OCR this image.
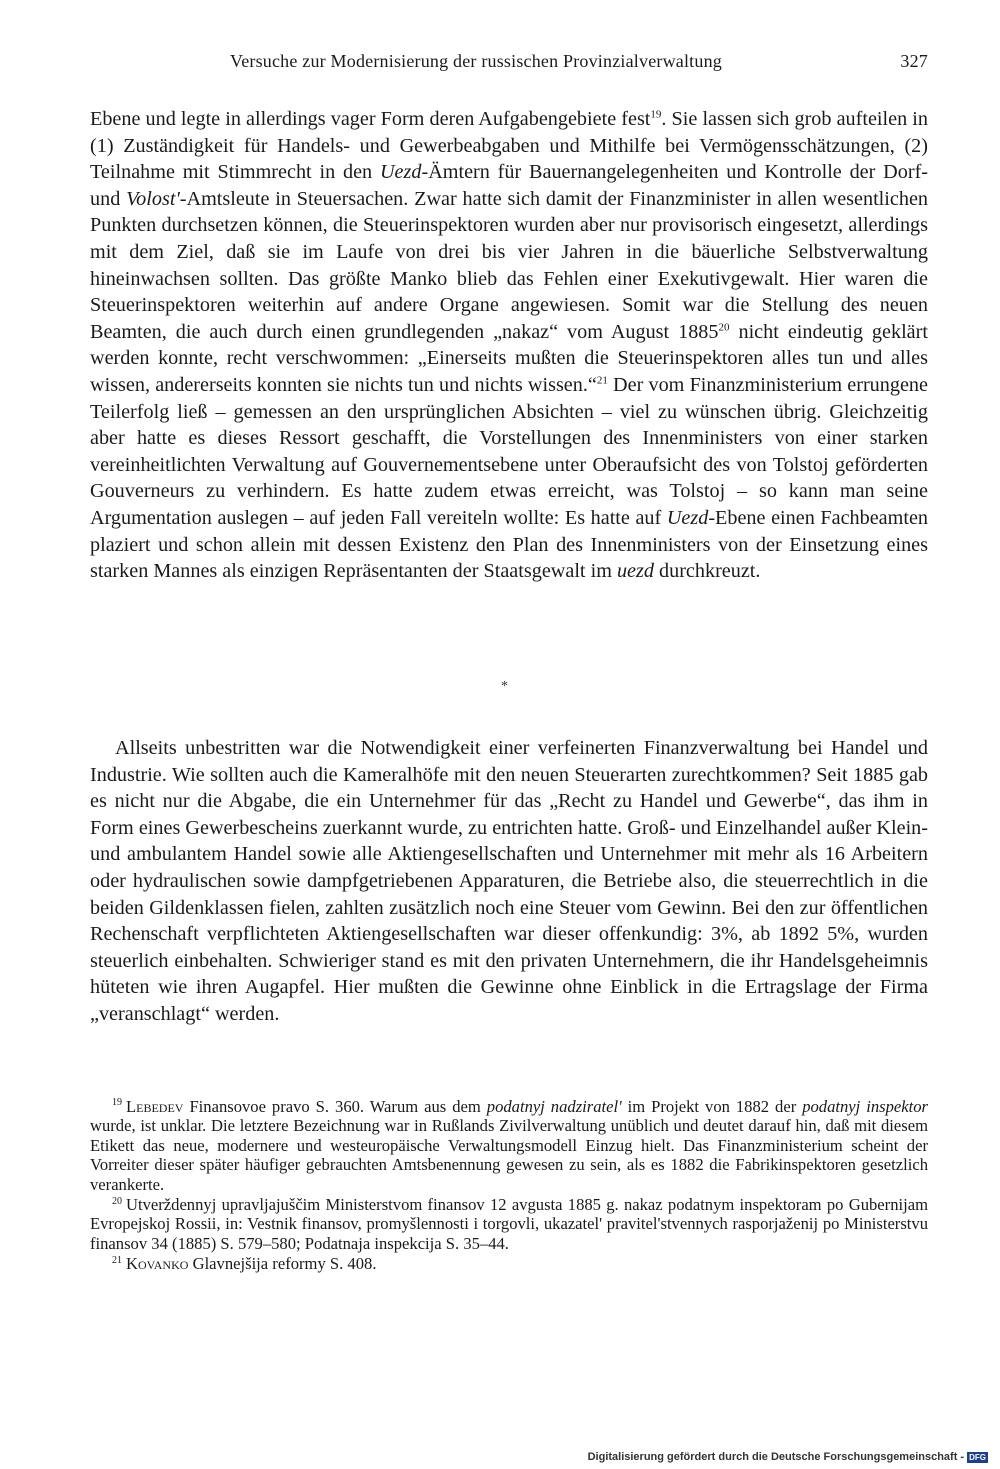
Versuche zur Modernisierung der russischen Provinzialverwaltung	327

Ebene und legte in allerdings vager Form deren Aufgabengebiete fest$^{19}$. Sie lassen sich grob aufteilen in (1) Zuständigkeit für Handels- und Gewerbeabgaben und Mithilfe bei Vermögensschätzungen, (2) Teilnahme mit Stimmrecht in den Uezd-Ämtern für Bauernangelegenheiten und Kontrolle der Dorf- und Volost'-Amtsleute in Steuersachen. Zwar hatte sich damit der Finanzminister in allen wesentlichen Punkten durchsetzen können, die Steuerinspektoren wurden aber nur provisorisch eingesetzt, allerdings mit dem Ziel, daß sie im Laufe von drei bis vier Jahren in die bäuerliche Selbstverwaltung hineinwachsen sollten. Das größte Manko blieb das Fehlen einer Exekutivgewalt. Hier waren die Steuerinspektoren weiterhin auf andere Organe angewiesen. Somit war die Stellung des neuen Beamten, die auch durch einen grundlegenden „nakaz“ vom August 1885$^{20}$ nicht eindeutig geklärt werden konnte, recht verschwommen: „Einerseits mußten die Steuerinspektoren alles tun und alles wissen, andererseits konnten sie nichts tun und nichts wissen.“$^{21}$ Der vom Finanzministerium errungene Teilerfolg ließ – gemessen an den ursprünglichen Absichten – viel zu wünschen übrig. Gleichzeitig aber hatte es dieses Ressort geschafft, die Vorstellungen des Innenministers von einer starken vereinheitlichten Verwaltung auf Gouvernementsebene unter Oberaufsicht des von Tolstoj geförderten Gouverneurs zu verhindern. Es hatte zudem etwas erreicht, was Tolstoj – so kann man seine Argumentation auslegen – auf jeden Fall vereiteln wollte: Es hatte auf Uezd-Ebene einen Fachbeamten plaziert und schon allein mit dessen Existenz den Plan des Innenministers von der Einsetzung eines starken Mannes als einzigen Repräsentanten der Staatsgewalt im uezd durchkreuzt.

*

Allseits unbestritten war die Notwendigkeit einer verfeinerten Finanzverwaltung bei Handel und Industrie. Wie sollten auch die Kameralhöfe mit den neuen Steuerarten zurechtkommen? Seit 1885 gab es nicht nur die Abgabe, die ein Unternehmer für das „Recht zu Handel und Gewerbe“, das ihm in Form eines Gewerbescheins zuerkannt wurde, zu entrichten hatte. Groß- und Einzelhandel außer Klein- und ambulantem Handel sowie alle Aktiengesellschaften und Unternehmer mit mehr als 16 Arbeitern oder hydraulischen sowie dampfgetriebenen Apparaturen, die Betriebe also, die steuerrechtlich in die beiden Gildenklassen fielen, zahlten zusätzlich noch eine Steuer vom Gewinn. Bei den zur öffentlichen Rechenschaft verpflichteten Aktiengesellschaften war dieser offenkundig: 3%, ab 1892 5%, wurden steuerlich einbehalten. Schwieriger stand es mit den privaten Unternehmern, die ihr Handelsgeheimnis hüteten wie ihren Augapfel. Hier mußten die Gewinne ohne Einblick in die Ertragslage der Firma „veranschlagt“ werden.

$^{19}$ Lebedev Finansovoe pravo S. 360. Warum aus dem podatnyj nadziratel' im Projekt von 1882 der podatnyj inspektor wurde, ist unklar. Die letztere Bezeichnung war in Rußlands Zivilverwaltung unüblich und deutet darauf hin, daß mit diesem Etikett das neue, modernere und westeuropäische Verwaltungsmodell Einzug hielt. Das Finanzministerium scheint der Vorreiter dieser später häufiger gebrauchten Amtsbenennung gewesen zu sein, als es 1882 die Fabrikinspektoren gesetzlich verankerte.

$^{20}$ Utverždennyj upravljajuščim Ministerstvom finansov 12 avgusta 1885 g. nakaz podatnym inspektoram po Gubernijam Evropejskoj Rossii, in: Vestnik finansov, promyšlennosti i torgovli, ukazatel' pravitel'stvennych rasporjaženij po Ministerstvu finansov 34 (1885) S. 579–580; Podatnaja inspekcija S. 35–44.

$^{21}$ Kovanko Glavnejšija reformy S. 408.

Digitalisierung gefördert durch die Deutsche Forschungsgemeinschaft - DFG
